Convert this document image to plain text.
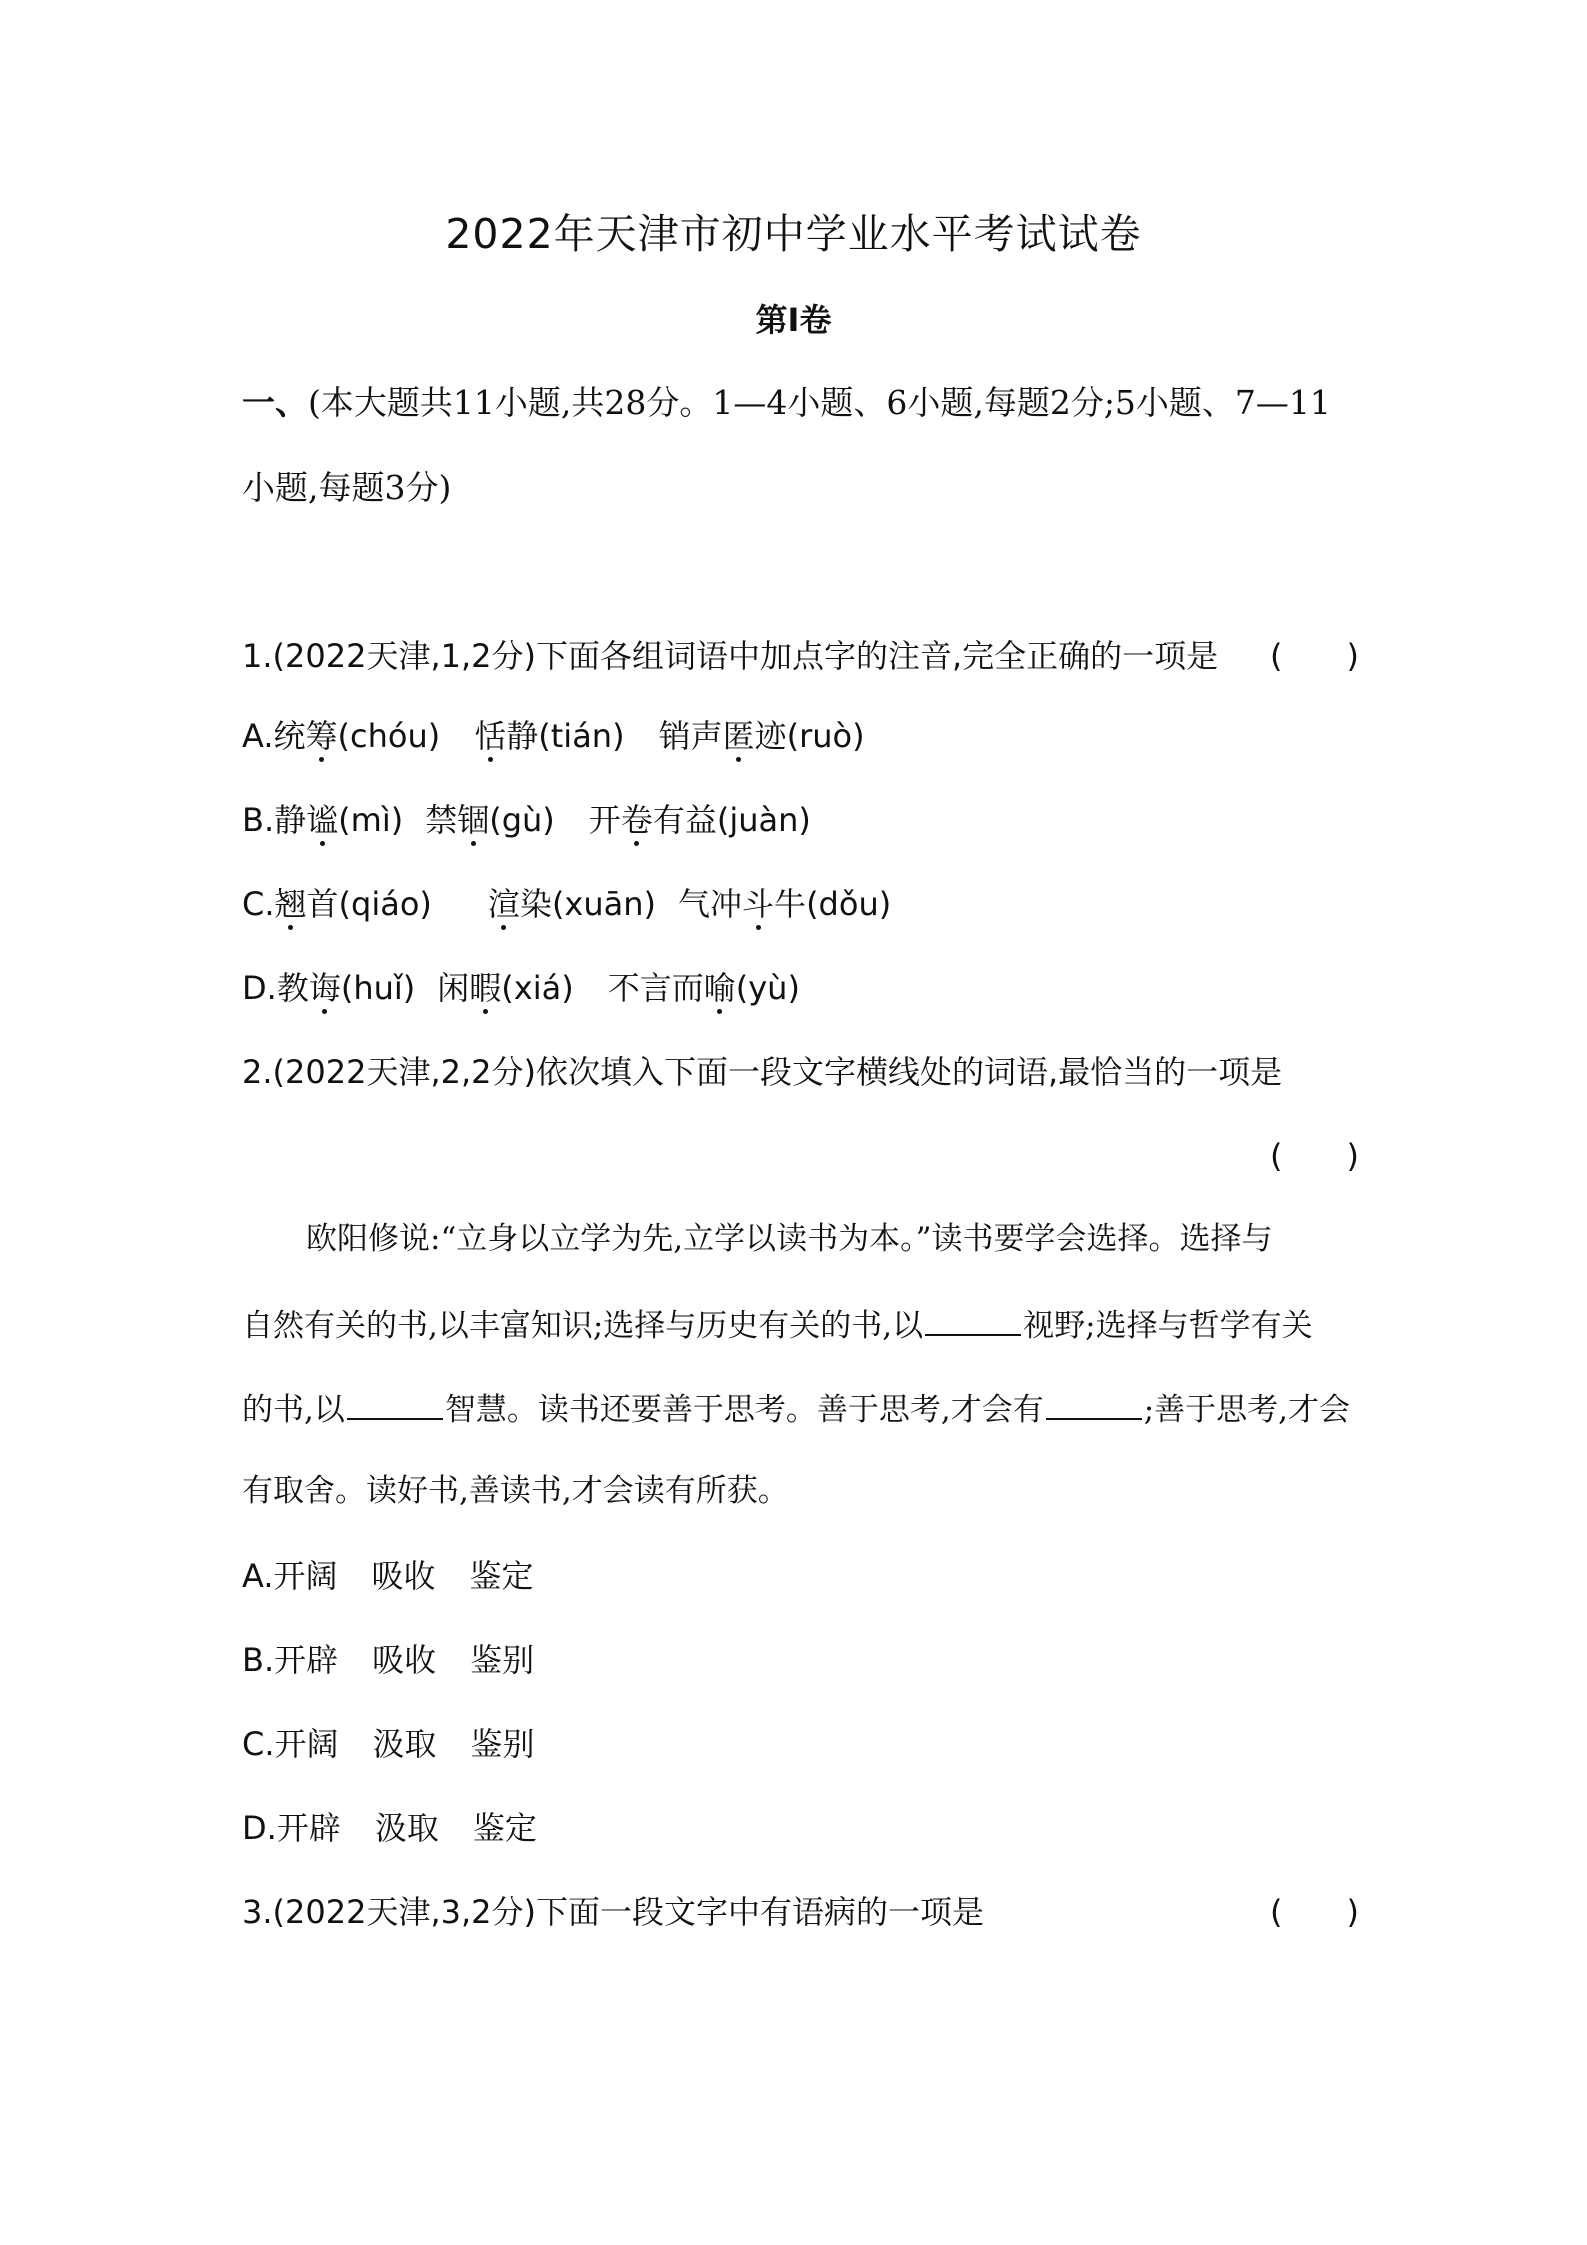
2022年天津市初中学业水平考试试卷
第Ⅰ卷
一、(本大题共11小题,共28分。1—4小题、6小题,每题2分;5小题、7—11
小题,每题3分)
1.(2022天津,1,2分)下面各组词语中加点字的注音,完全正确的一项是 (　　)
A.统筹(chóu) 恬静(tián) 销声匿迹(ruò)
B.静谧(mì) 禁锢(gù) 开卷有益(juàn)
C.翘首(qiáo) 渲染(xuān) 气冲斗牛(dǒu)
D.教诲(huǐ) 闲暇(xiá) 不言而喻(yù)
2.(2022天津,2,2分)依次填入下面一段文字横线处的词语,最恰当的一项是
(　　)
欧阳修说:“立身以立学为先,立学以读书为本。”读书要学会选择。选择与
自然有关的书,以丰富知识;选择与历史有关的书,以	视野;选择与哲学有关
的书,以	智慧。读书还要善于思考。善于思考,才会有	;善于思考,才会
有取舍。读好书,善读书,才会读有所获。
A.开阔 吸收 鉴定
B.开辟 吸收 鉴别
C.开阔 汲取 鉴别
D.开辟 汲取 鉴定
3.(2022天津,3,2分)下面一段文字中有语病的一项是	(　　)
